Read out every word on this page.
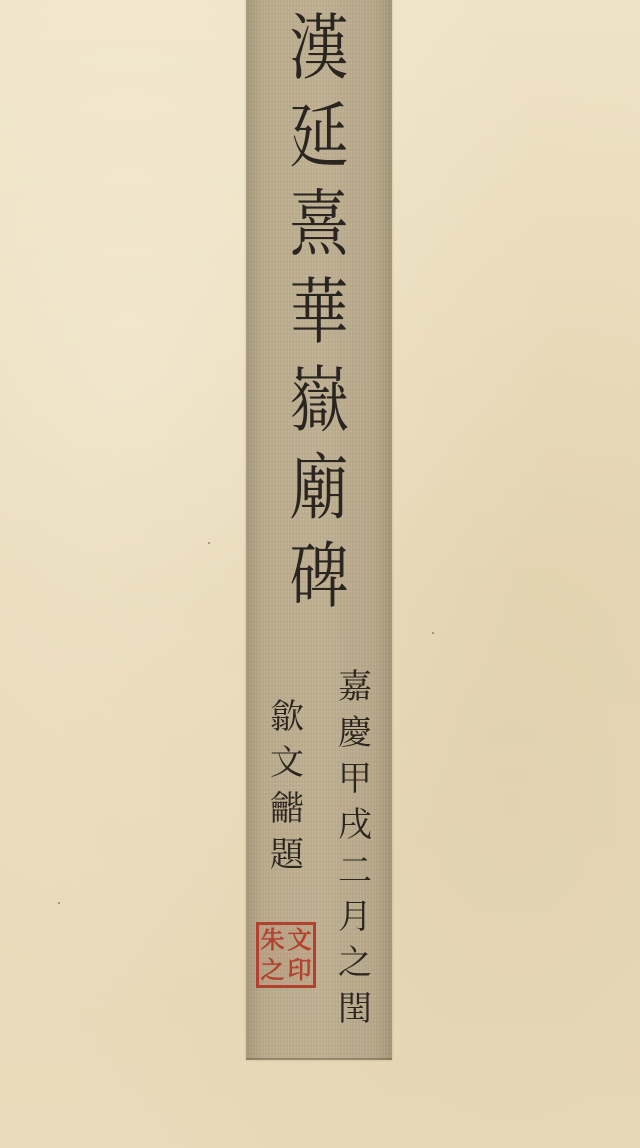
漢
延
熹
華
嶽
廟
碑
嘉
慶
甲
戌
二
月
之
閏
歙
文
龤
題
朱 文
之 印
